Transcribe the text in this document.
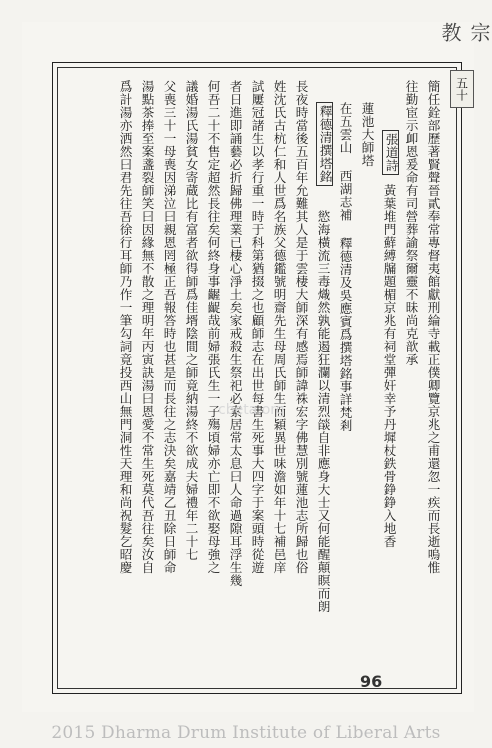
宗 教
五十
簡任銓部歷著賢聲晉貳奉常專督夷館獻刑綸寺載正僕卿覽京兆之甫還忽一疾而長逝嗚惟
往勤宦示卹恩爰命有司營葬諭祭爾靈不昧尚克歆承
張道詩
黃葉堆門蘚縛牖題楣京兆有祠堂彈奸幸予丹墀杖鉄骨錚錚入地香
蓮池大師塔
在五雲山 西湖志補 釋德清及吳應賓爲撰塔銘事詳梵剎
釋德清撰塔銘
慾海橫流三毒熾然孰能遏狂瀾以清烈燄自非應身大士又何能醒顛瞑而朗
長夜時當後五百年允難其人是于雲棲大師深有感焉師諱祩宏字佛慧別號蓮池志所歸也俗
姓沈氏古杭仁和人世爲名族父德鑑號明齋先生母周氏師生而穎異世味澹如年十七補邑庠
試屢冠諸生以孝行重一時于科第猶掇之也顧師志在出世每書生死事大四字于案頭時從遊
者日進即誦藝必折歸佛理業已棲心淨土矣家戒殺生祭祀必素居常太息曰人命過隙耳浮生幾
何吾二十不售定超然長往矣何終身事齷齪哉前婦張氏生一子殤頃婦亦亡即不欲娶母強之
議婚湯氏湯貧女寄蔵比有富者欲得師爲佳壻陰間之師竟納湯終不欲成夫婦禮年二十七
父喪三十一母喪因涕泣曰親恩罔極正吾報答時也甚是而長往之志決矣嘉靖乙丑除日師命
湯點茶捧至案盞裂師笑曰因緣無不散之理明年丙寅訣湯曰恩愛不常生死莫代吾往矣汝自
爲計湯亦洒然曰君先往吾徐行耳師乃作一筆勾詞竟投西山無門洞性天理和尚祝髮乞昭慶	cbeta.org
96
2015 Dharma Drum Institute of Liberal Arts
